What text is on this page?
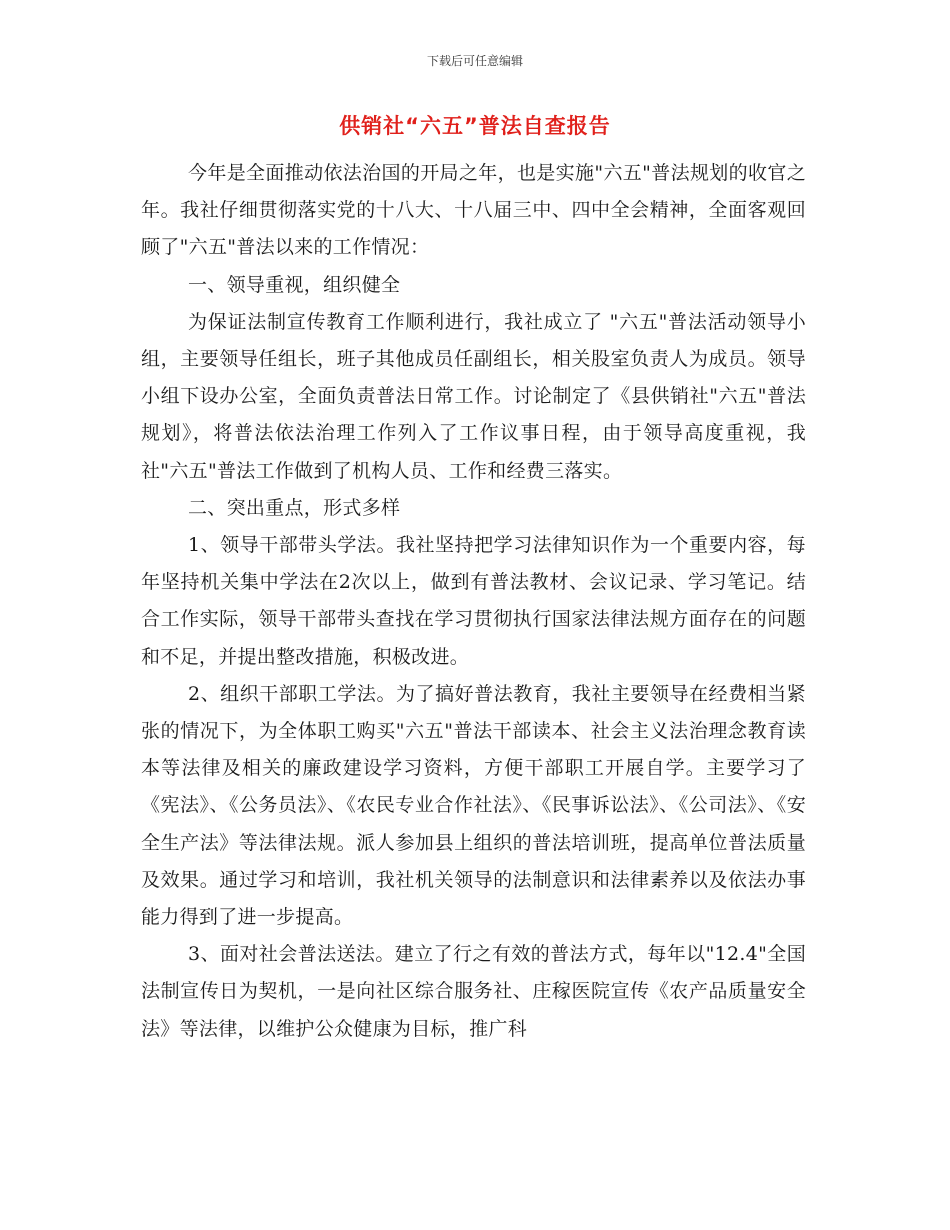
下载后可任意编辑
供销社“六五”普法自查报告

今年是全面推动依法治国的开局之年，也是实施"六五"普法规划的收官之年。我社仔细贯彻落实党的十八大、十八届三中、四中全会精神，全面客观回顾了"六五"普法以来的工作情况：

一、领导重视，组织健全

为保证法制宣传教育工作顺利进行，我社成立了 "六五"普法活动领导小组，主要领导任组长，班子其他成员任副组长，相关股室负责人为成员。领导小组下设办公室，全面负责普法日常工作。讨论制定了《县供销社"六五"普法规划》，将普法依法治理工作列入了工作议事日程，由于领导高度重视，我社"六五"普法工作做到了机构人员、工作和经费三落实。

二、突出重点，形式多样

1、领导干部带头学法。我社坚持把学习法律知识作为一个重要内容，每年坚持机关集中学法在2次以上，做到有普法教材、会议记录、学习笔记。结合工作实际，领导干部带头查找在学习贯彻执行国家法律法规方面存在的问题和不足，并提出整改措施，积极改进。

2、组织干部职工学法。为了搞好普法教育，我社主要领导在经费相当紧张的情况下，为全体职工购买"六五"普法干部读本、社会主义法治理念教育读本等法律及相关的廉政建设学习资料，方便干部职工开展自学。主要学习了《宪法》、《公务员法》、《农民专业合作社法》、《民事诉讼法》、《公司法》、《安全生产法》等法律法规。派人参加县上组织的普法培训班，提高单位普法质量及效果。通过学习和培训，我社机关领导的法制意识和法律素养以及依法办事能力得到了进一步提高。

3、面对社会普法送法。建立了行之有效的普法方式，每年以"12.4"全国法制宣传日为契机，一是向社区综合服务社、庄稼医院宣传《农产品质量安全法》等法律，以维护公众健康为目标，推广科
